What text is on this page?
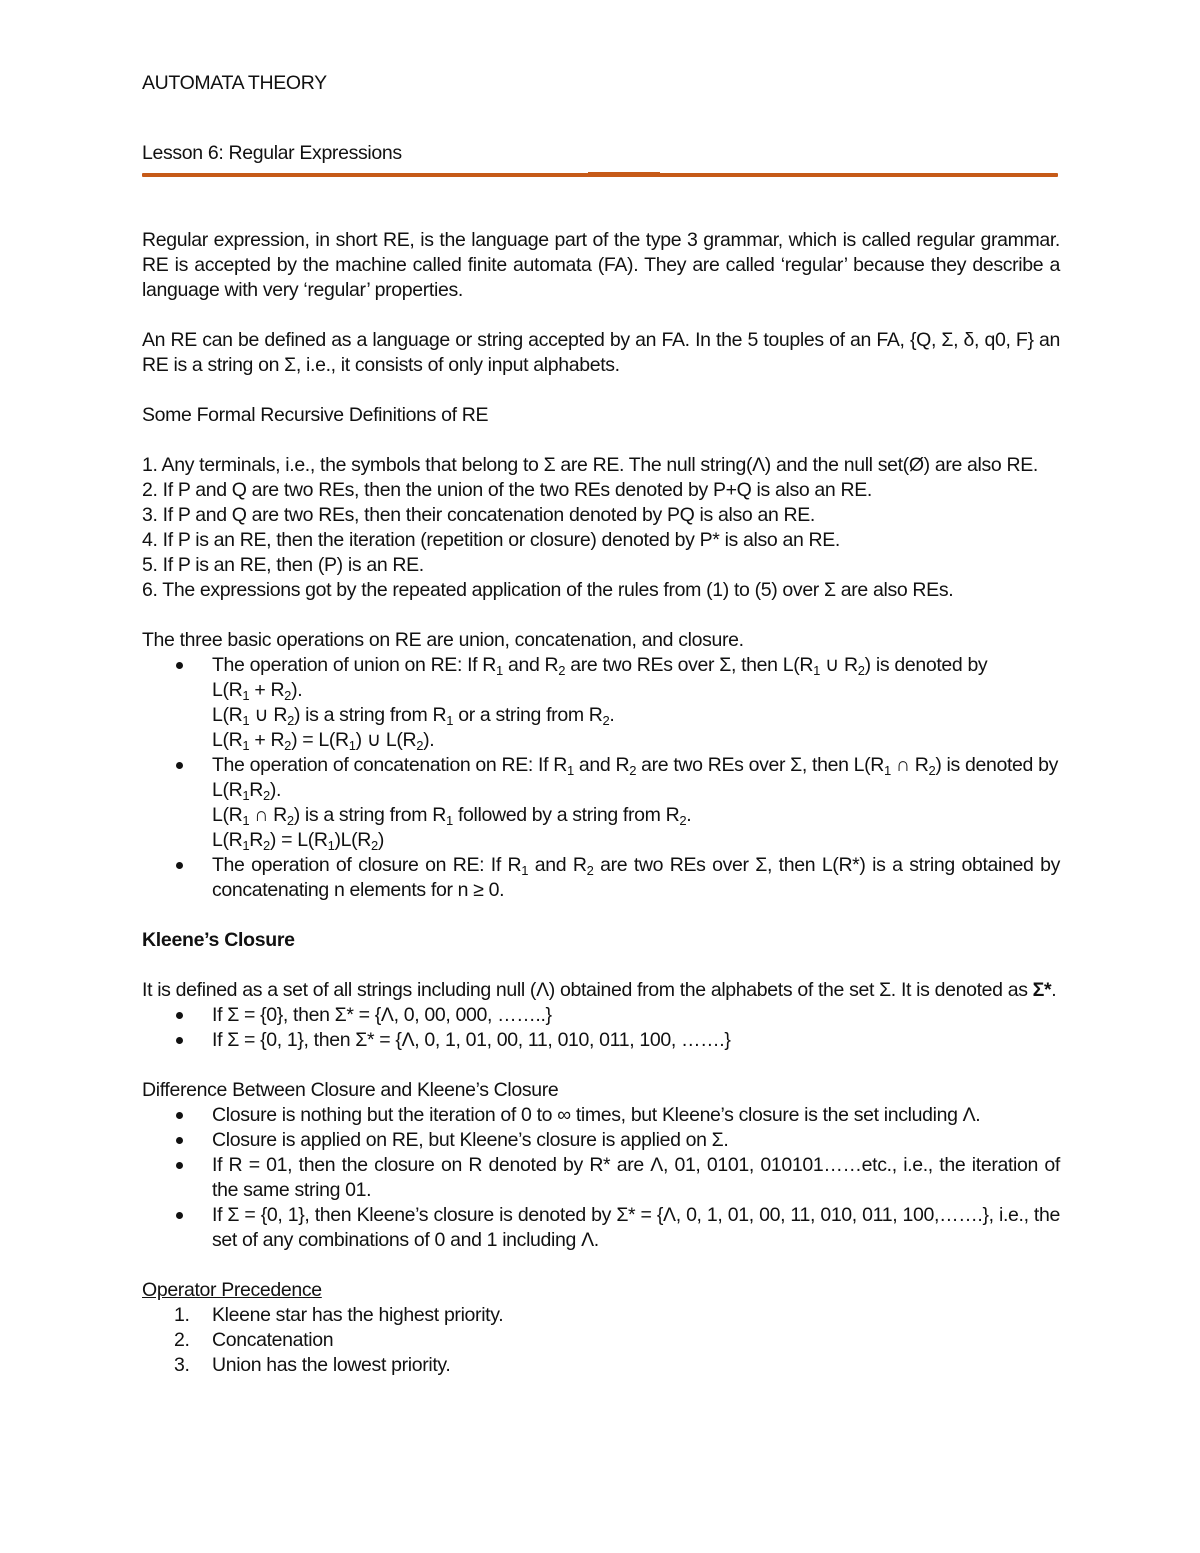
AUTOMATA THEORY
Lesson 6: Regular Expressions

Regular expression, in short RE, is the language part of the type 3 grammar, which is called regular grammar. RE is accepted by the machine called finite automata (FA). They are called ‘regular’ because they describe a language with very ‘regular’ properties.

An RE can be defined as a language or string accepted by an FA. In the 5 touples of an FA, {Q, Σ, δ, q0, F} an RE is a string on Σ, i.e., it consists of only input alphabets.

Some Formal Recursive Definitions of RE

1. Any terminals, i.e., the symbols that belong to Σ are RE. The null string(Λ) and the null set(Ø) are also RE.
2. If P and Q are two REs, then the union of the two REs denoted by P+Q is also an RE.
3. If P and Q are two REs, then their concatenation denoted by PQ is also an RE.
4. If P is an RE, then the iteration (repetition or closure) denoted by P* is also an RE.
5. If P is an RE, then (P) is an RE.
6. The expressions got by the repeated application of the rules from (1) to (5) over Σ are also REs.

The three basic operations on RE are union, concatenation, and closure.

The operation of union on RE: If $R_1$ and $R_2$ are two REs over Σ, then $L(R_1$ ∪ $R_2$) is denoted by
$L(R_1 + R_2)$.
$L(R_1$ ∪ $R_2$) is a string from $R_1$ or a string from $R_2$.
$L(R_1 + R_2) = L(R_1)$ ∪ $L(R_2)$.
The operation of concatenation on RE: If $R_1$ and $R_2$ are two REs over Σ, then $L(R_1$ ∩ $R_2$) is denoted by
$L(R_1R_2)$.
$L(R_1$ ∩ $R_2$) is a string from $R_1$ followed by a string from $R_2$.
$L(R_1R_2) = L(R_1)L(R_2)$
The operation of closure on RE: If $R_1$ and $R_2$ are two REs over Σ, then L(R*) is a string obtained by concatenating n elements for n ≥ 0.

Kleene’s Closure

It is defined as a set of all strings including null (Λ) obtained from the alphabets of the set Σ. It is denoted as Σ*.

If Σ = {0}, then Σ* = {Λ, 0, 00, 000, ……..}
If Σ = {0, 1}, then Σ* = {Λ, 0, 1, 01, 00, 11, 010, 011, 100, …….}

Difference Between Closure and Kleene’s Closure

Closure is nothing but the iteration of 0 to ∞ times, but Kleene’s closure is the set including Λ.
Closure is applied on RE, but Kleene’s closure is applied on Σ.
If R = 01, then the closure on R denoted by R* are Λ, 01, 0101, 010101……etc., i.e., the iteration of the same string 01.
If Σ = {0, 1}, then Kleene’s closure is denoted by Σ* = {Λ, 0, 1, 01, 00, 11, 010, 011, 100,…….}, i.e., the set of any combinations of 0 and 1 including Λ.

Operator Precedence

1. Kleene star has the highest priority.
2. Concatenation
3. Union has the lowest priority.
